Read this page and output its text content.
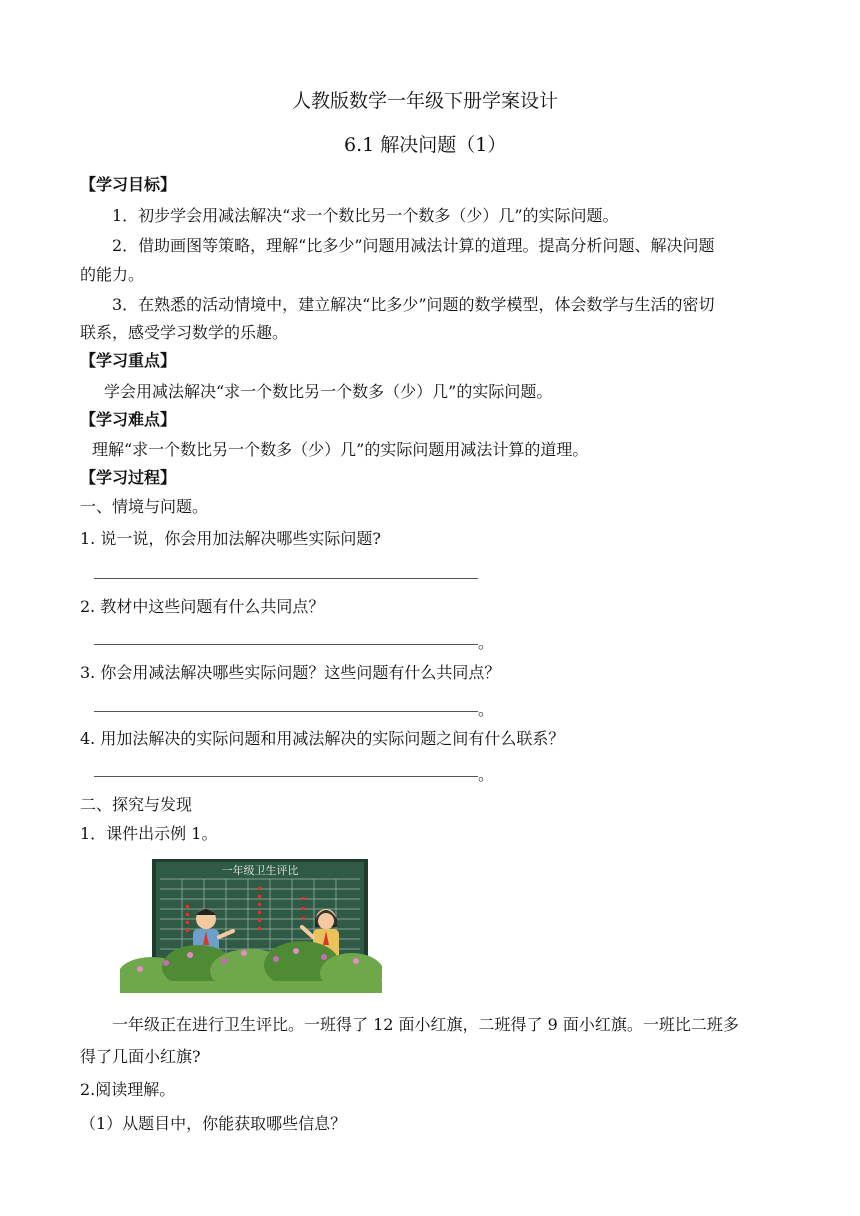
人教版数学一年级下册学案设计
6.1 解决问题（1）
【学习目标】
1．初步学会用减法解决“求一个数比另一个数多（少）几”的实际问题。
2．借助画图等策略，理解“比多少”问题用减法计算的道理。提高分析问题、解决问题
的能力。
3．在熟悉的活动情境中，建立解决“比多少”问题的数学模型，体会数学与生活的密切
联系，感受学习数学的乐趣。
【学习重点】
学会用减法解决“求一个数比另一个数多（少）几”的实际问题。
【学习难点】
理解“求一个数比另一个数多（少）几”的实际问题用减法计算的道理。
【学习过程】
一、情境与问题。
1. 说一说，你会用加法解决哪些实际问题?
2. 教材中这些问题有什么共同点？
。
3. 你会用减法解决哪些实际问题？这些问题有什么共同点？
。
4. 用加法解决的实际问题和用减法解决的实际问题之间有什么联系？
。
二、探究与发现
1．课件出示例 1。
一年级卫生评比
一年级正在进行卫生评比。一班得了 12 面小红旗，二班得了 9 面小红旗。一班比二班多
得了几面小红旗?
2.阅读理解。
（1）从题目中，你能获取哪些信息？
